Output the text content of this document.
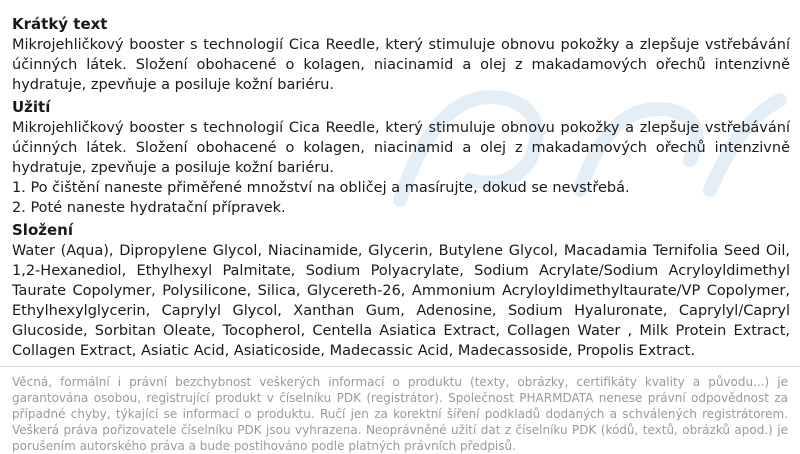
Krátký text

Mikrojehličkový booster s technologií Cica Reedle, který stimuluje obnovu pokožky a zlepšuje vstřebávání účinných látek. Složení obohacené o kolagen, niacinamid a olej z makadamových ořechů intenzivně hydratuje, zpevňuje a posiluje kožní bariéru.

Užití

Mikrojehličkový booster s technologií Cica Reedle, který stimuluje obnovu pokožky a zlepšuje vstřebávání účinných látek. Složení obohacené o kolagen, niacinamid a olej z makadamových ořechů intenzivně hydratuje, zpevňuje a posiluje kožní bariéru.

1. Po čištění naneste přiměřené množství na obličej a masírujte, dokud se nevstřebá.

2. Poté naneste hydratační přípravek.

Složení

Water (Aqua), Dipropylene Glycol, Niacinamide, Glycerin, Butylene Glycol, Macadamia Ternifolia Seed Oil, 1,2-Hexanediol, Ethylhexyl Palmitate, Sodium Polyacrylate, Sodium Acrylate/Sodium Acryloyldimethyl Taurate Copolymer, Polysilicone, Silica, Glycereth-26, Ammonium Acryloyldimethyltaurate/VP Copolymer, Ethylhexylglycerin, Caprylyl Glycol, Xanthan Gum, Adenosine, Sodium Hyaluronate, Caprylyl/Capryl Glucoside, Sorbitan Oleate, Tocopherol, Centella Asiatica Extract, Collagen Water , Milk Protein Extract, Collagen Extract, Asiatic Acid, Asiaticoside, Madecassic Acid, Madecassoside, Propolis Extract.

Věcná, formální i právní bezchybnost veškerých informací o produktu (texty, obrázky, certifikáty kvality a původu...) je garantována osobou, registrující produkt v číselníku PDK (registrátor). Společnost PHARMDATA nenese právní odpovědnost za případné chyby, týkající se informací o produktu. Ručí jen za korektní šíření podkladů dodaných a schválených registrátorem. Veškerá práva pořizovatele číselníku PDK jsou vyhrazena. Neoprávněné užití dat z číselníku PDK (kódů, textů, obrázků apod.) je porušením autorského práva a bude postihováno podle platných právních předpisů.
